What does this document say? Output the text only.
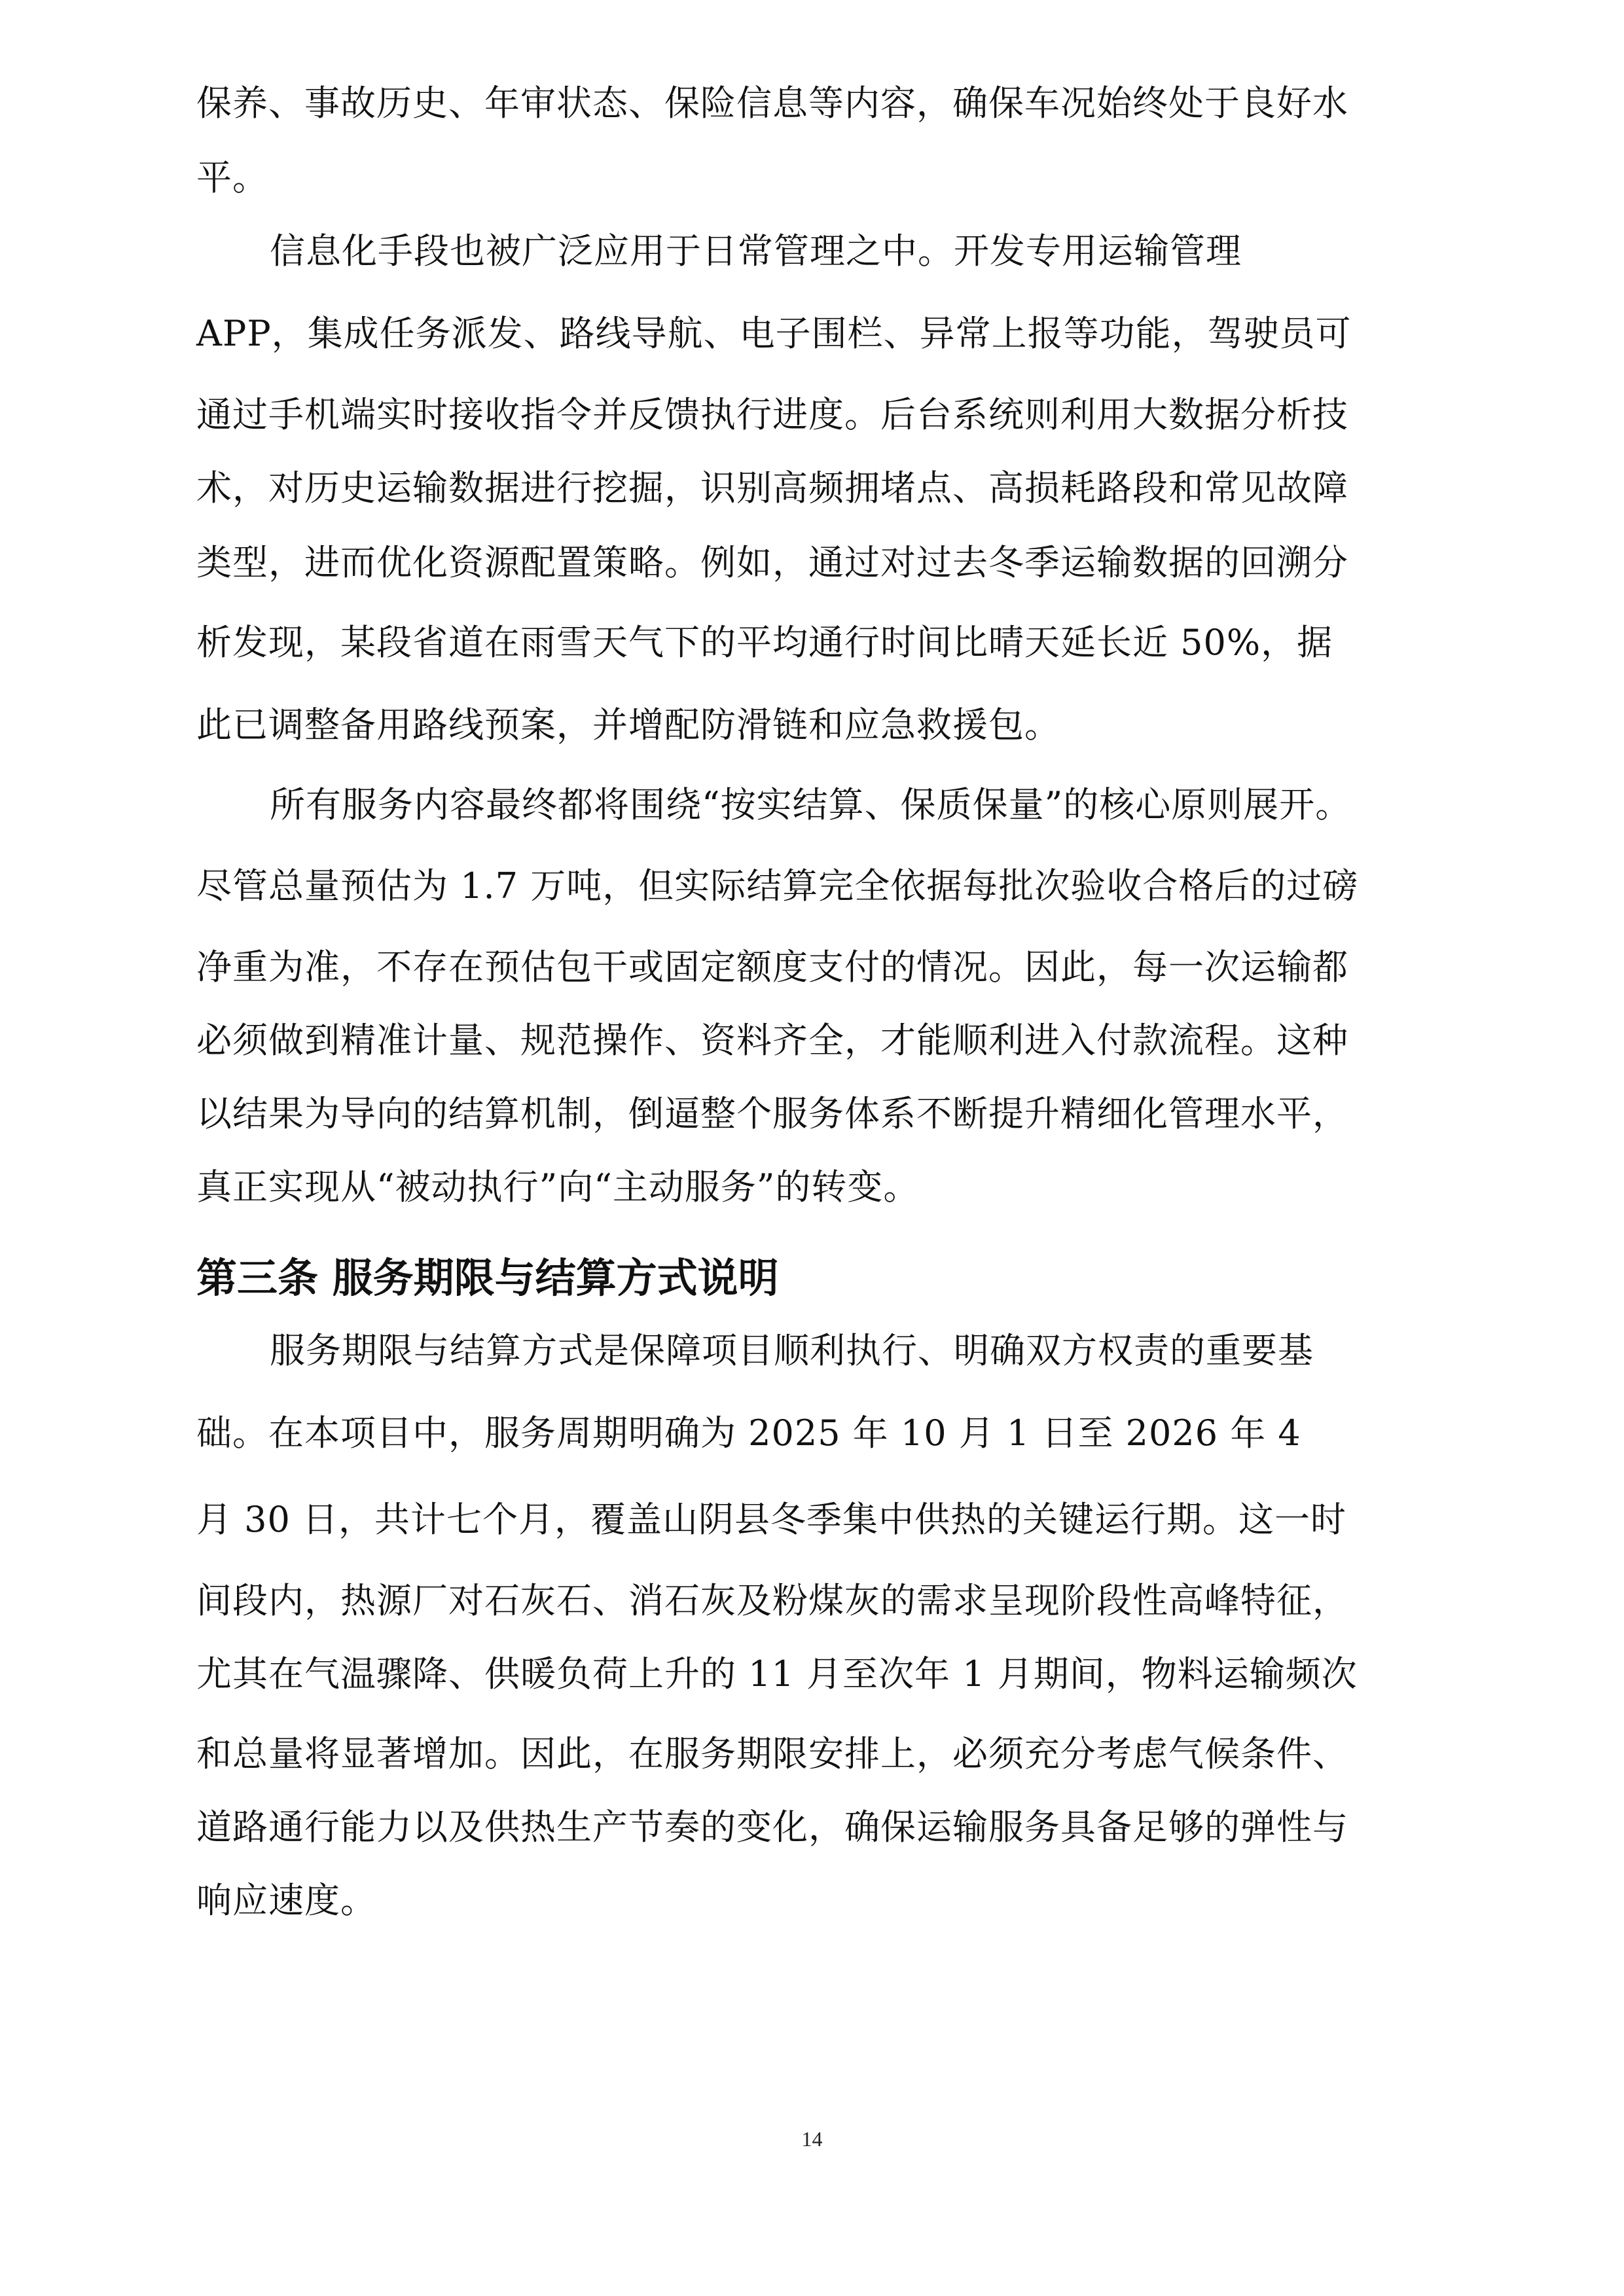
保养、事故历史、年审状态、保险信息等内容，确保车况始终处于良好水
平。
信息化手段也被广泛应用于日常管理之中。开发专用运输管理
APP，集成任务派发、路线导航、电子围栏、异常上报等功能，驾驶员可
通过手机端实时接收指令并反馈执行进度。后台系统则利用大数据分析技
术，对历史运输数据进行挖掘，识别高频拥堵点、高损耗路段和常见故障
类型，进而优化资源配置策略。例如，通过对过去冬季运输数据的回溯分
析发现，某段省道在雨雪天气下的平均通行时间比晴天延长近 50%，据
此已调整备用路线预案，并增配防滑链和应急救援包。
所有服务内容最终都将围绕“按实结算、保质保量”的核心原则展开。
尽管总量预估为 1.7 万吨，但实际结算完全依据每批次验收合格后的过磅
净重为准，不存在预估包干或固定额度支付的情况。因此，每一次运输都
必须做到精准计量、规范操作、资料齐全，才能顺利进入付款流程。这种
以结果为导向的结算机制，倒逼整个服务体系不断提升精细化管理水平，
真正实现从“被动执行”向“主动服务”的转变。
第三条 服务期限与结算方式说明
服务期限与结算方式是保障项目顺利执行、明确双方权责的重要基
础。在本项目中，服务周期明确为 2025 年 10 月 1 日至 2026 年 4
月 30 日，共计七个月，覆盖山阴县冬季集中供热的关键运行期。这一时
间段内，热源厂对石灰石、消石灰及粉煤灰的需求呈现阶段性高峰特征，
尤其在气温骤降、供暖负荷上升的 11 月至次年 1 月期间，物料运输频次
和总量将显著增加。因此，在服务期限安排上，必须充分考虑气候条件、
道路通行能力以及供热生产节奏的变化，确保运输服务具备足够的弹性与
响应速度。
14
